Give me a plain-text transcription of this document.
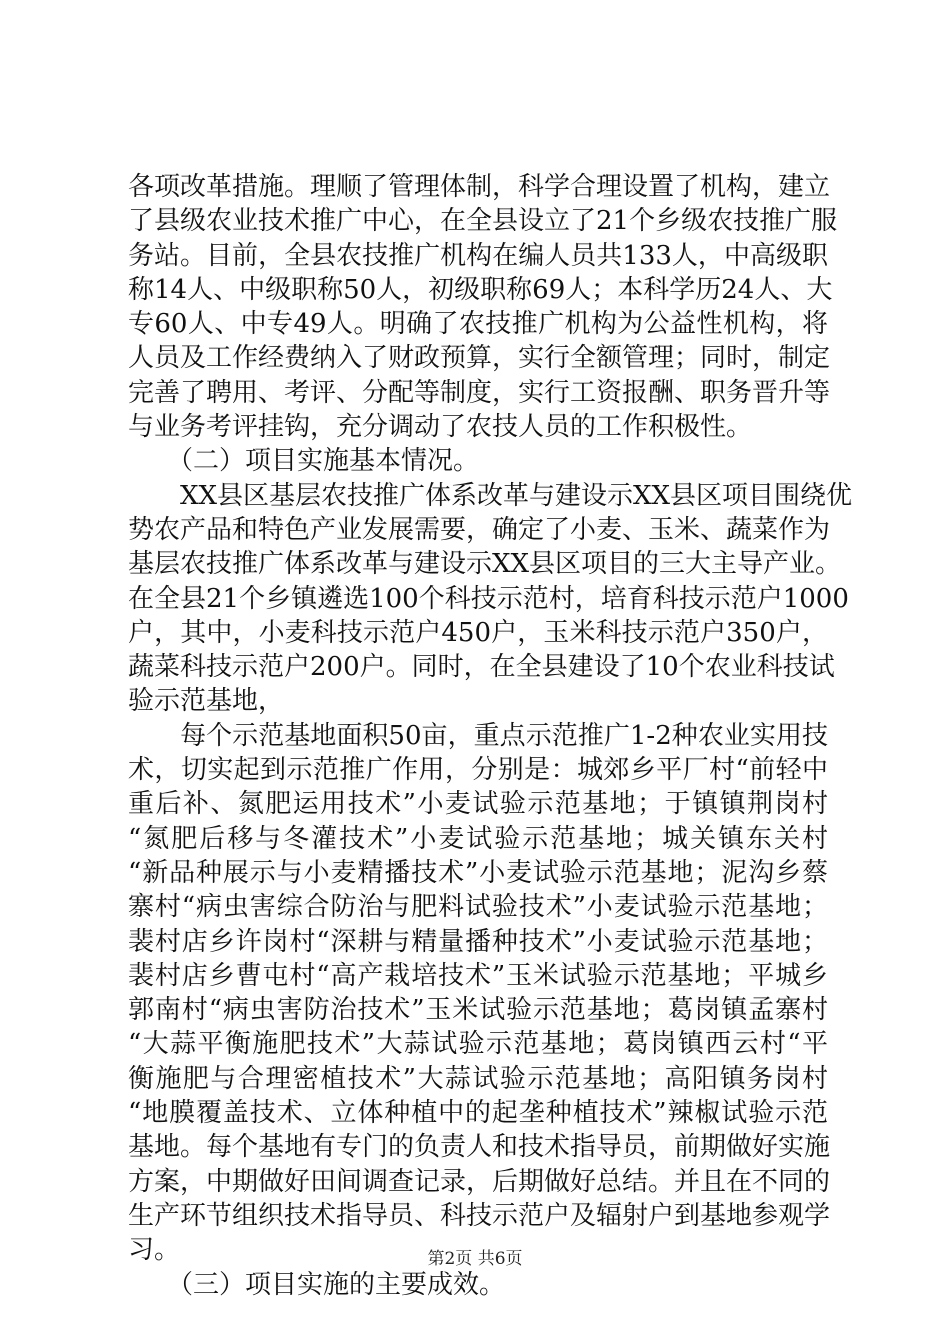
各项改革措施。理顺了管理体制，科学合理设置了机构，建立
了县级农业技术推广中心，在全县设立了21个乡级农技推广服
务站。目前，全县农技推广机构在编人员共133人，中高级职
称14人、中级职称50人，初级职称69人；本科学历24人、大
专60人、中专49人。明确了农技推广机构为公益性机构，将
人员及工作经费纳入了财政预算，实行全额管理；同时，制定
完善了聘用、考评、分配等制度，实行工资报酬、职务晋升等
与业务考评挂钩，充分调动了农技人员的工作积极性。
　　（二）项目实施基本情况。
　　XX县区基层农技推广体系改革与建设示XX县区项目围绕优
势农产品和特色产业发展需要，确定了小麦、玉米、蔬菜作为
基层农技推广体系改革与建设示XX县区项目的三大主导产业。
在全县21个乡镇遴选100个科技示范村，培育科技示范户1000
户，其中，小麦科技示范户450户，玉米科技示范户350户，
蔬菜科技示范户200户。同时，在全县建设了10个农业科技试
验示范基地，
　　每个示范基地面积50亩，重点示范推广1-2种农业实用技
术，切实起到示范推广作用，分别是：城郊乡平厂村“前轻中
重后补、氮肥运用技术”小麦试验示范基地；于镇镇荆岗村
“氮肥后移与冬灌技术”小麦试验示范基地；城关镇东关村
“新品种展示与小麦精播技术”小麦试验示范基地；泥沟乡蔡
寨村“病虫害综合防治与肥料试验技术”小麦试验示范基地；
裴村店乡许岗村“深耕与精量播种技术”小麦试验示范基地；
裴村店乡曹屯村“高产栽培技术”玉米试验示范基地；平城乡
郭南村“病虫害防治技术”玉米试验示范基地；葛岗镇孟寨村
“大蒜平衡施肥技术”大蒜试验示范基地；葛岗镇西云村“平
衡施肥与合理密植技术”大蒜试验示范基地；高阳镇务岗村
“地膜覆盖技术、立体种植中的起垄种植技术”辣椒试验示范
基地。每个基地有专门的负责人和技术指导员，前期做好实施
方案，中期做好田间调查记录，后期做好总结。并且在不同的
生产环节组织技术指导员、科技示范户及辐射户到基地参观学
习。
　　（三）项目实施的主要成效。
第2页 共6页
